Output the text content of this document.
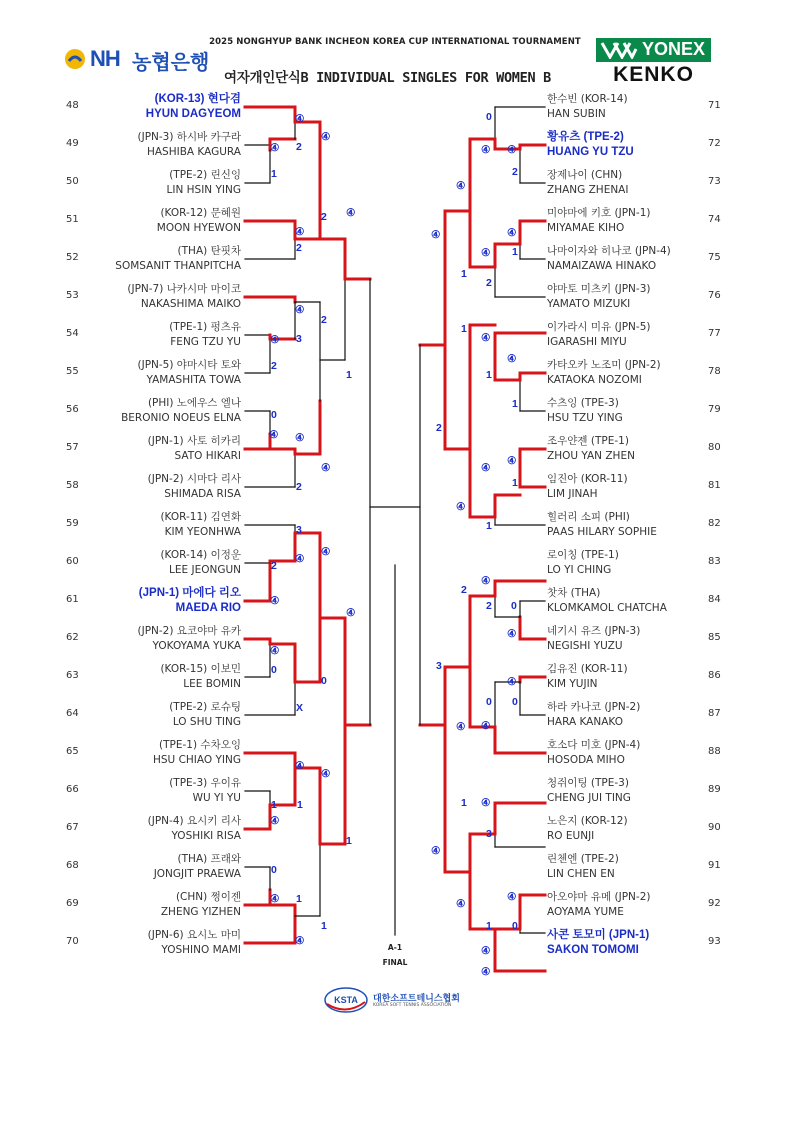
2025 NONGHYUP BANK INCHEON KOREA CUP INTERNATIONAL TOURNAMENT
NH 농협은행
YONEX
KENKO
여자개인단식B INDIVIDUAL SINGLES FOR WOMEN B
48
(KOR-13) 현다겸
HYUN DAGYEOM
49
(JPN-3) 하시바 카구라
HASHIBA KAGURA
50
(TPE-2) 린신잉
LIN HSIN YING
51
(KOR-12) 문혜원
MOON HYEWON
52
(THA) 탄핏차
SOMSANIT THANPITCHA
53
(JPN-7) 나카시마 마이코
NAKASHIMA MAIKO
54
(TPE-1) 펑츠유
FENG TZU YU
55
(JPN-5) 야마시타 토와
YAMASHITA TOWA
56
(PHI) 노에우스 엘나
BERONIO NOEUS ELNA
57
(JPN-1) 사토 히카리
SATO HIKARI
58
(JPN-2) 시마다 리사
SHIMADA RISA
59
(KOR-11) 김연화
KIM YEONHWA
60
(KOR-14) 이정운
LEE JEONGUN
61
(JPN-1) 마에다 리오
MAEDA RIO
62
(JPN-2) 요코야마 유카
YOKOYAMA YUKA
63
(KOR-15) 이보민
LEE BOMIN
64
(TPE-2) 로슈팅
LO SHU TING
65
(TPE-1) 수차오잉
HSU CHIAO YING
66
(TPE-3) 우이유
WU YI YU
67
(JPN-4) 요시키 리사
YOSHIKI RISA
68
(THA) 프래와
JONGJIT PRAEWA
69
(CHN) 쩡이젠
ZHENG YIZHEN
70
(JPN-6) 요시노 마미
YOSHINO MAMI
71
한수빈 (KOR-14)
HAN SUBIN
72
황유츠 (TPE-2)
HUANG YU TZU
73
장제나이 (CHN)
ZHANG ZHENAI
74
미야마에 키호 (JPN-1)
MIYAMAE KIHO
75
나마이자와 히나코 (JPN-4)
NAMAIZAWA HINAKO
76
야마토 미츠키 (JPN-3)
YAMATO MIZUKI
77
이가라시 미유 (JPN-5)
IGARASHI MIYU
78
카타오카 노조미 (JPN-2)
KATAOKA NOZOMI
79
수츠잉 (TPE-3)
HSU TZU YING
80
조우얀젠 (TPE-1)
ZHOU YAN ZHEN
81
임진아 (KOR-11)
LIM JINAH
82
힐러리 소피 (PHI)
PAAS HILARY SOPHIE
83
로이칭 (TPE-1)
LO YI CHING
84
찻차 (THA)
KLOMKAMOL CHATCHA
85
네기시 유즈 (JPN-3)
NEGISHI YUZU
86
김유진 (KOR-11)
KIM YUJIN
87
하라 카나코 (JPN-2)
HARA KANAKO
88
호소다 미호 (JPN-4)
HOSODA MIHO
89
청쥐이팅 (TPE-3)
CHENG JUI TING
90
노은지 (KOR-12)
RO EUNJI
91
린첸엔 (TPE-2)
LIN CHEN EN
92
아오야마 유메 (JPN-2)
AOYAMA YUME
93
사콘 토모미 (JPN-1)
SAKON TOMOMI
④
④
④
④ 2
1
④
2
2
④
2
④ 3
2
0
④ ④
④
2
1
3
④
2
④
④
④
④
0
0
X
④
④
1 1
④
1
0
④ 1
④
1
0
④
④
④
2
④
1
④
1
2
④
1
④
1
1
④
1
④
④
1
④
2
④
2
2 0
④
④
0 0
④
④
3
④
1
3
④
0
1
④
④
④
④
A-1
FINAL
KSTA 대한소프트테니스협회
KOREA SOFT TENNIS ASSOCIATION
